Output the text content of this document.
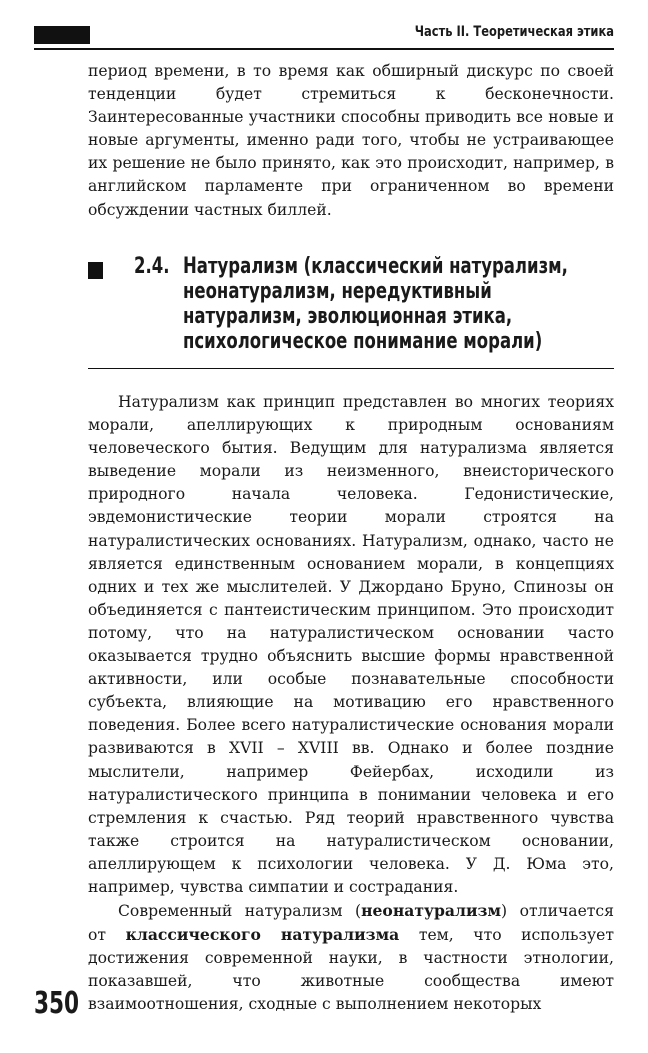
Часть II. Теоретическая этика

период времени, в то время как обширный дискурс по своей тенденции будет стремиться к бесконечности. Заинтересованные участники способны приводить все новые и новые аргументы, именно ради того, чтобы не устраивающее их решение не было принято, как это происходит, например, в английском парламенте при ограниченном во времени обсуждении частных биллей.

2.4. Натурализм (классический натурализм, неонатурализм, нередуктивный натурализм, эволюционная этика, психологическое понимание морали)

Натурализм как принцип представлен во многих теориях морали, апеллирующих к природным основаниям человеческого бытия. Ведущим для натурализма является выведение морали из неизменного, внеисторического природного начала человека. Гедонистические, эвдемонистические теории морали строятся на натуралистических основаниях. Натурализм, однако, часто не является единственным основанием морали, в концепциях одних и тех же мыслителей. У Джордано Бруно, Спинозы он объединяется с пантеистическим принципом. Это происходит потому, что на натуралистическом основании часто оказывается трудно объяснить высшие формы нравственной активности, или особые познавательные способности субъекта, влияющие на мотивацию его нравственного поведения. Более всего натуралистические основания морали развиваются в XVII – XVIII вв. Однако и более поздние мыслители, например Фейербах, исходили из натуралистического принципа в понимании человека и его стремления к счастью. Ряд теорий нравственного чувства также строится на натуралистическом основании, апеллирующем к психологии человека. У Д. Юма это, например, чувства симпатии и сострадания.

Современный натурализм (неонатурализм) отличается от классического натурализма тем, что использует достижения современной науки, в частности этнологии, показавшей, что животные сообщества имеют взаимоотношения, сходные с выполнением некоторых

350
